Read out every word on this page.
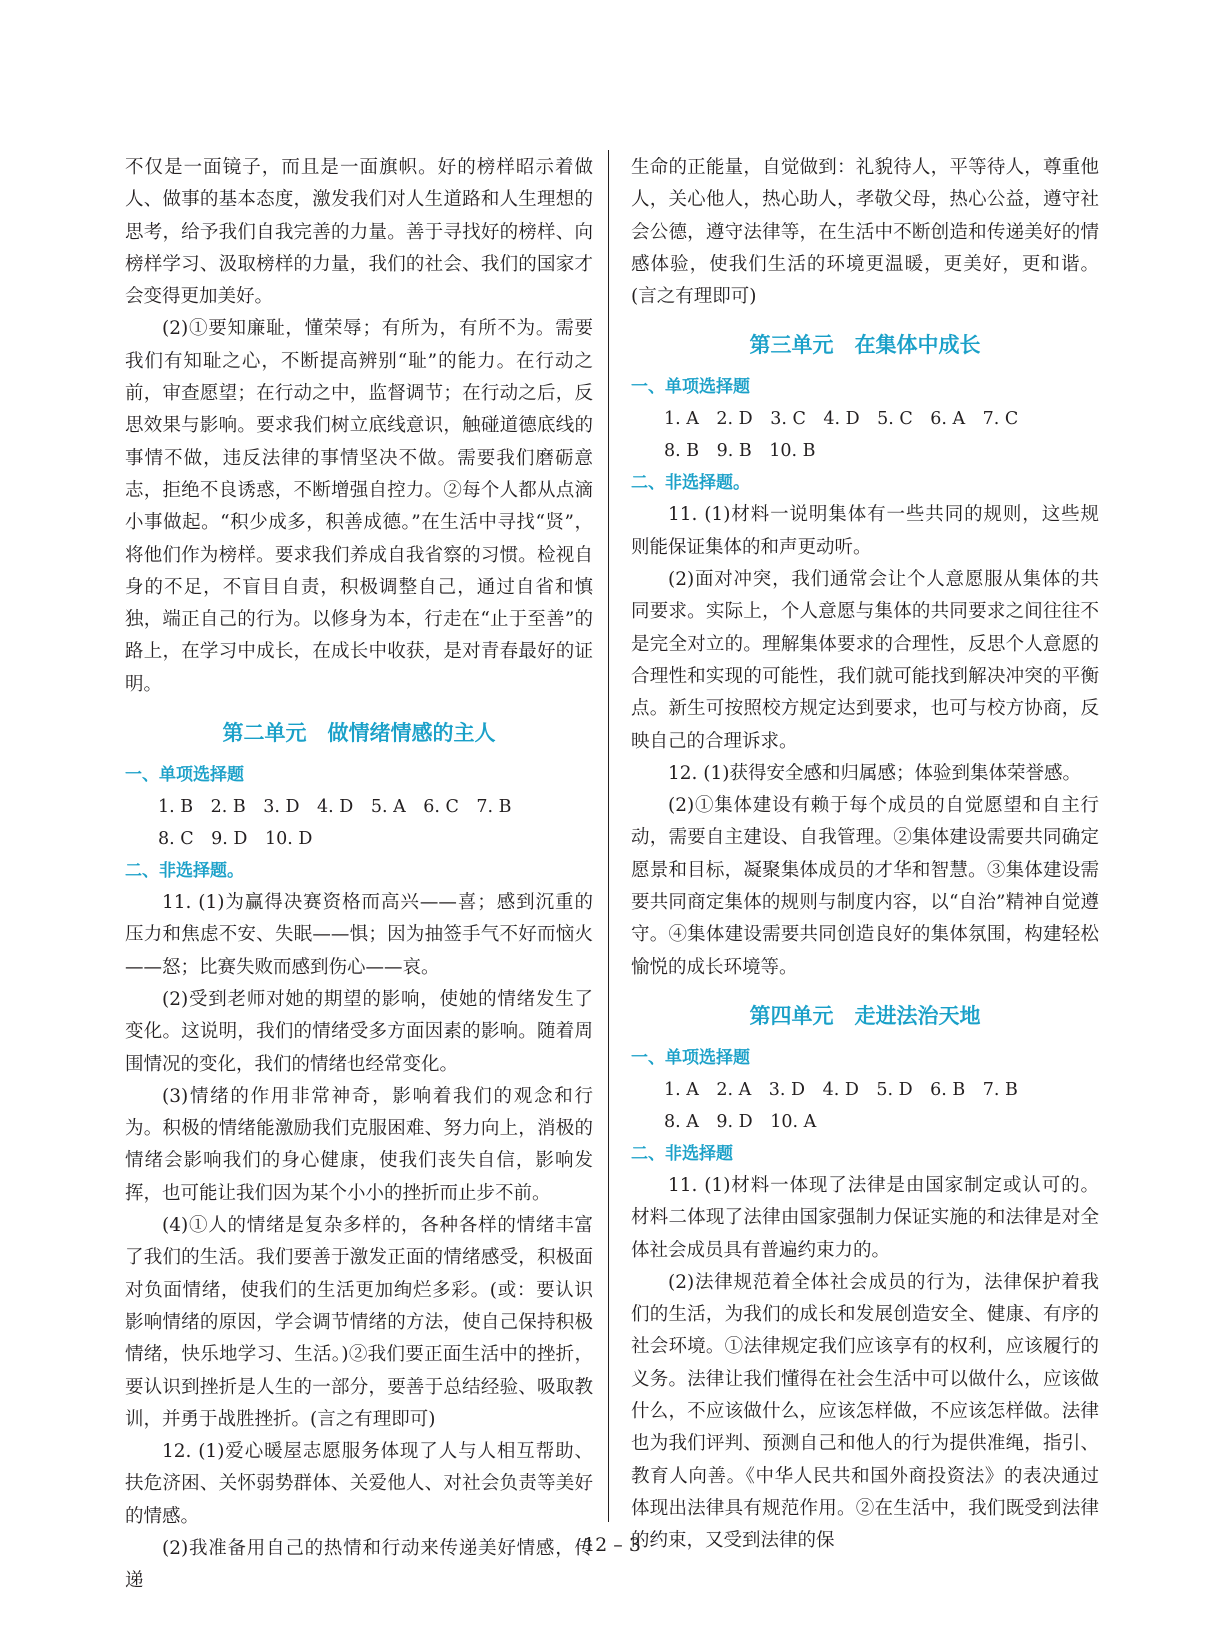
不仅是一面镜子，而且是一面旗帜。好的榜样昭示着做人、做事的基本态度，激发我们对人生道路和人生理想的思考，给予我们自我完善的力量。善于寻找好的榜样、向榜样学习、汲取榜样的力量，我们的社会、我们的国家才会变得更加美好。

(2)①要知廉耻，懂荣辱；有所为，有所不为。需要我们有知耻之心，不断提高辨别“耻”的能力。在行动之前，审查愿望；在行动之中，监督调节；在行动之后，反思效果与影响。要求我们树立底线意识，触碰道德底线的事情不做，违反法律的事情坚决不做。需要我们磨砺意志，拒绝不良诱惑，不断增强自控力。②每个人都从点滴小事做起。“积少成多，积善成德。”在生活中寻找“贤”，将他们作为榜样。要求我们养成自我省察的习惯。检视自身的不足，不盲目自责，积极调整自己，通过自省和慎独，端正自己的行为。以修身为本，行走在“止于至善”的路上，在学习中成长，在成长中收获，是对青春最好的证明。

第二单元　做情绪情感的主人

一、单项选择题

1. B　2. B　3. D　4. D　5. A　6. C　7. B

8. C　9. D　10. D

二、非选择题。

11. (1)为赢得决赛资格而高兴——喜；感到沉重的压力和焦虑不安、失眠——惧；因为抽签手气不好而恼火——怒；比赛失败而感到伤心——哀。

(2)受到老师对她的期望的影响，使她的情绪发生了变化。这说明，我们的情绪受多方面因素的影响。随着周围情况的变化，我们的情绪也经常变化。

(3)情绪的作用非常神奇，影响着我们的观念和行为。积极的情绪能激励我们克服困难、努力向上，消极的情绪会影响我们的身心健康，使我们丧失自信，影响发挥，也可能让我们因为某个小小的挫折而止步不前。

(4)①人的情绪是复杂多样的，各种各样的情绪丰富了我们的生活。我们要善于激发正面的情绪感受，积极面对负面情绪，使我们的生活更加绚烂多彩。(或：要认识影响情绪的原因，学会调节情绪的方法，使自己保持积极情绪，快乐地学习、生活。)②我们要正面生活中的挫折，要认识到挫折是人生的一部分，要善于总结经验、吸取教训，并勇于战胜挫折。(言之有理即可)

12. (1)爱心暖屋志愿服务体现了人与人相互帮助、扶危济困、关怀弱势群体、关爱他人、对社会负责等美好的情感。

(2)我准备用自己的热情和行动来传递美好情感，传递

生命的正能量，自觉做到：礼貌待人，平等待人，尊重他人，关心他人，热心助人，孝敬父母，热心公益，遵守社会公德，遵守法律等，在生活中不断创造和传递美好的情感体验，使我们生活的环境更温暖，更美好，更和谐。(言之有理即可)

第三单元　在集体中成长

一、单项选择题

1. A　2. D　3. C　4. D　5. C　6. A　7. C

8. B　9. B　10. B

二、非选择题。

11. (1)材料一说明集体有一些共同的规则，这些规则能保证集体的和声更动听。

(2)面对冲突，我们通常会让个人意愿服从集体的共同要求。实际上，个人意愿与集体的共同要求之间往往不是完全对立的。理解集体要求的合理性，反思个人意愿的合理性和实现的可能性，我们就可能找到解决冲突的平衡点。新生可按照校方规定达到要求，也可与校方协商，反映自己的合理诉求。

12. (1)获得安全感和归属感；体验到集体荣誉感。

(2)①集体建设有赖于每个成员的自觉愿望和自主行动，需要自主建设、自我管理。②集体建设需要共同确定愿景和目标，凝聚集体成员的才华和智慧。③集体建设需要共同商定集体的规则与制度内容，以“自治”精神自觉遵守。④集体建设需要共同创造良好的集体氛围，构建轻松愉悦的成长环境等。

第四单元　走进法治天地

一、单项选择题

1. A　2. A　3. D　4. D　5. D　6. B　7. B

8. A　9. D　10. A

二、非选择题

11. (1)材料一体现了法律是由国家制定或认可的。材料二体现了法律由国家强制力保证实施的和法律是对全体社会成员具有普遍约束力的。

(2)法律规范着全体社会成员的行为，法律保护着我们的生活，为我们的成长和发展创造安全、健康、有序的社会环境。①法律规定我们应该享有的权利，应该履行的义务。法律让我们懂得在社会生活中可以做什么，应该做什么，不应该做什么，应该怎样做，不应该怎样做。法律也为我们评判、预测自己和他人的行为提供准绳，指引、教育人向善。《中华人民共和国外商投资法》的表决通过体现出法律具有规范作用。②在生活中，我们既受到法律的约束，又受到法律的保

12 – 3
